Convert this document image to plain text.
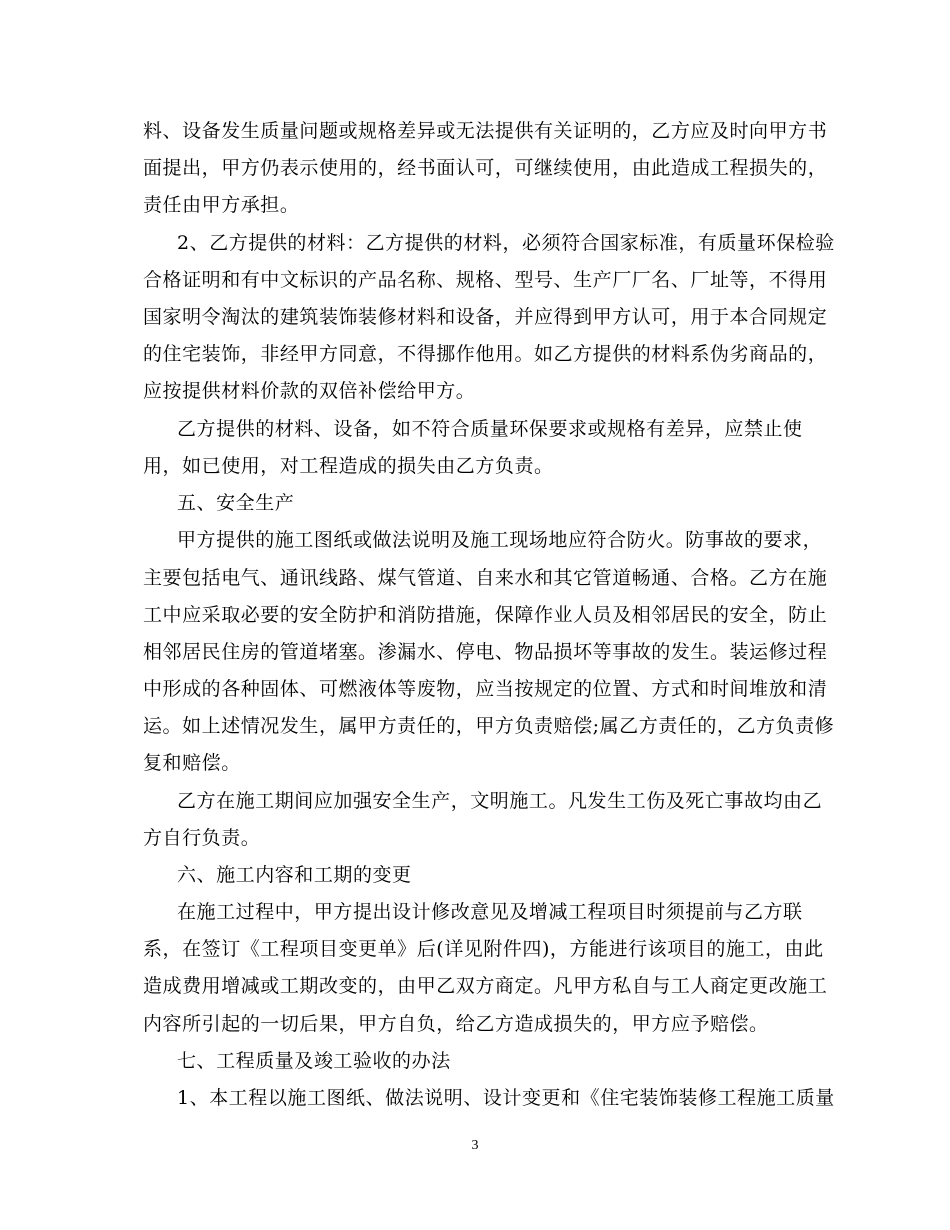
料、设备发生质量问题或规格差异或无法提供有关证明的，乙方应及时向甲方书
面提出，甲方仍表示使用的，经书面认可，可继续使用，由此造成工程损失的，
责任由甲方承担。
2、乙方提供的材料：乙方提供的材料，必须符合国家标准，有质量环保检验
合格证明和有中文标识的产品名称、规格、型号、生产厂厂名、厂址等，不得用
国家明令淘汰的建筑装饰装修材料和设备，并应得到甲方认可，用于本合同规定
的住宅装饰，非经甲方同意，不得挪作他用。如乙方提供的材料系伪劣商品的，
应按提供材料价款的双倍补偿给甲方。
乙方提供的材料、设备，如不符合质量环保要求或规格有差异，应禁止使
用，如已使用，对工程造成的损失由乙方负责。
五、安全生产
甲方提供的施工图纸或做法说明及施工现场地应符合防火。防事故的要求，
主要包括电气、通讯线路、煤气管道、自来水和其它管道畅通、合格。乙方在施
工中应采取必要的安全防护和消防措施，保障作业人员及相邻居民的安全，防止
相邻居民住房的管道堵塞。渗漏水、停电、物品损坏等事故的发生。装运修过程
中形成的各种固体、可燃液体等废物，应当按规定的位置、方式和时间堆放和清
运。如上述情况发生，属甲方责任的，甲方负责赔偿;属乙方责任的，乙方负责修
复和赔偿。
乙方在施工期间应加强安全生产，文明施工。凡发生工伤及死亡事故均由乙
方自行负责。
六、施工内容和工期的变更
在施工过程中，甲方提出设计修改意见及增减工程项目时须提前与乙方联
系，在签订《工程项目变更单》后(详见附件四)，方能进行该项目的施工，由此
造成费用增减或工期改变的，由甲乙双方商定。凡甲方私自与工人商定更改施工
内容所引起的一切后果，甲方自负，给乙方造成损失的，甲方应予赔偿。
七、工程质量及竣工验收的办法
1、本工程以施工图纸、做法说明、设计变更和《住宅装饰装修工程施工质量
3
